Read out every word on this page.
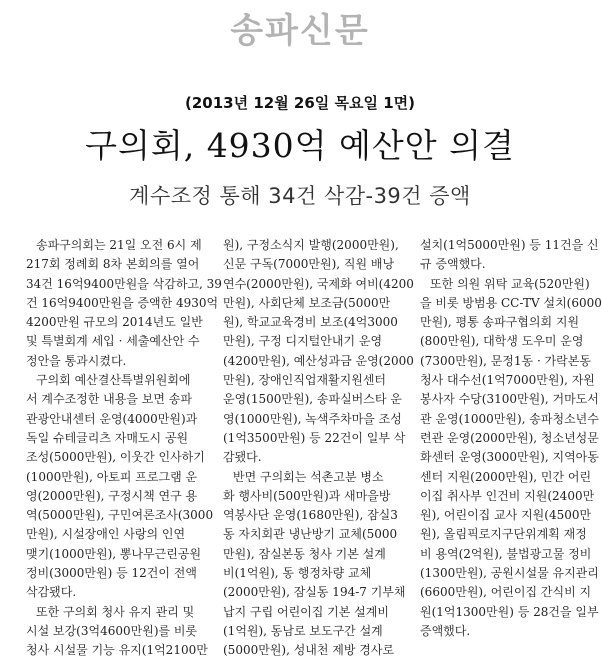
송파신문
(2013년 12월 26일 목요일 1면)
구의회, 4930억 예산안 의결
계수조정 통해 34건 삭감-39건 증액
송파구의회는 21일 오전 6시 제
217회 정례회 8차 본회의를 열어
34건 16억9400만원을 삭감하고, 39
건 16억9400만원을 증액한 4930억
4200만원 규모의 2014년도 일반
및 특별회계 세입 · 세출예산안 수
정안을 통과시켰다.
구의회 예산결산특별위원회에
서 계수조정한 내용을 보면 송파
관광안내센터 운영(4000만원)과
독일 슈테글리츠 자매도시 공원
조성(5000만원), 이웃간 인사하기
(1000만원), 아토피 프로그램 운
영(2000만원), 구정시책 연구 용
역(5000만원), 구민여론조사(3000
만원), 시설장애인 사랑의 인연
맺기(1000만원), 뽕나무근린공원
정비(3000만원) 등 12건이 전액
삭감됐다.
또한 구의회 청사 유지 관리 및
시설 보강(3억4600만원)를 비롯
청사 시설물 기능 유지(1억2100만
원), 구정소식지 발행(2000만원),
신문 구독(7000만원), 직원 배낭
연수(2000만원), 국제화 여비(4200
만원), 사회단체 보조금(5000만
원), 학교교육경비 보조(4억3000
만원), 구정 디지털안내기 운영
(4200만원), 예산성과금 운영(2000
만원), 장애인직업재활지원센터
운영(1500만원), 송파실버스타 운
영(1000만원), 녹색주차마을 조성
(1억3500만원) 등 22건이 일부 삭
감됐다.
반면 구의회는 석촌고분 병소
화 행사비(500만원)과 새마을방
역봉사단 운영(1680만원), 잠실3
동 자치회관 냉난방기 교체(5000
만원), 잠실본동 청사 기본 설계
비(1억원), 동 행정차량 교체
(2000만원), 잠실동 194-7 기부채
납지 구립 어린이집 기본 설계비
(1억원), 동남로 보도구간 설계
(5000만원), 성내천 제방 경사로
설치(1억5000만원) 등 11건을 신
규 증액했다.
또한 의원 위탁 교육(520만원)
을 비롯 방범용 CC-TV 설치(6000
만원), 평통 송파구협의회 지원
(800만원), 대학생 도우미 운영
(7300만원), 문정1동 · 가락본동
청사 대수선(1억7000만원), 자원
봉사자 수당(3100만원), 거마도서
관 운영(1000만원), 송파청소년수
련관 운영(2000만원), 청소년성문
화센터 운영(3000만원), 지역아동
센터 지원(2000만원), 민간 어린
이집 취사부 인건비 지원(2400만
원), 어린이집 교사 지원(4500만
원), 올림픽로지구단위계획 재정
비 용역(2억원), 불법광고물 정비
(1300만원), 공원시설물 유지관리
(6600만원), 어린이집 간식비 지
원(1억1300만원) 등 28건을 일부
증액했다.
